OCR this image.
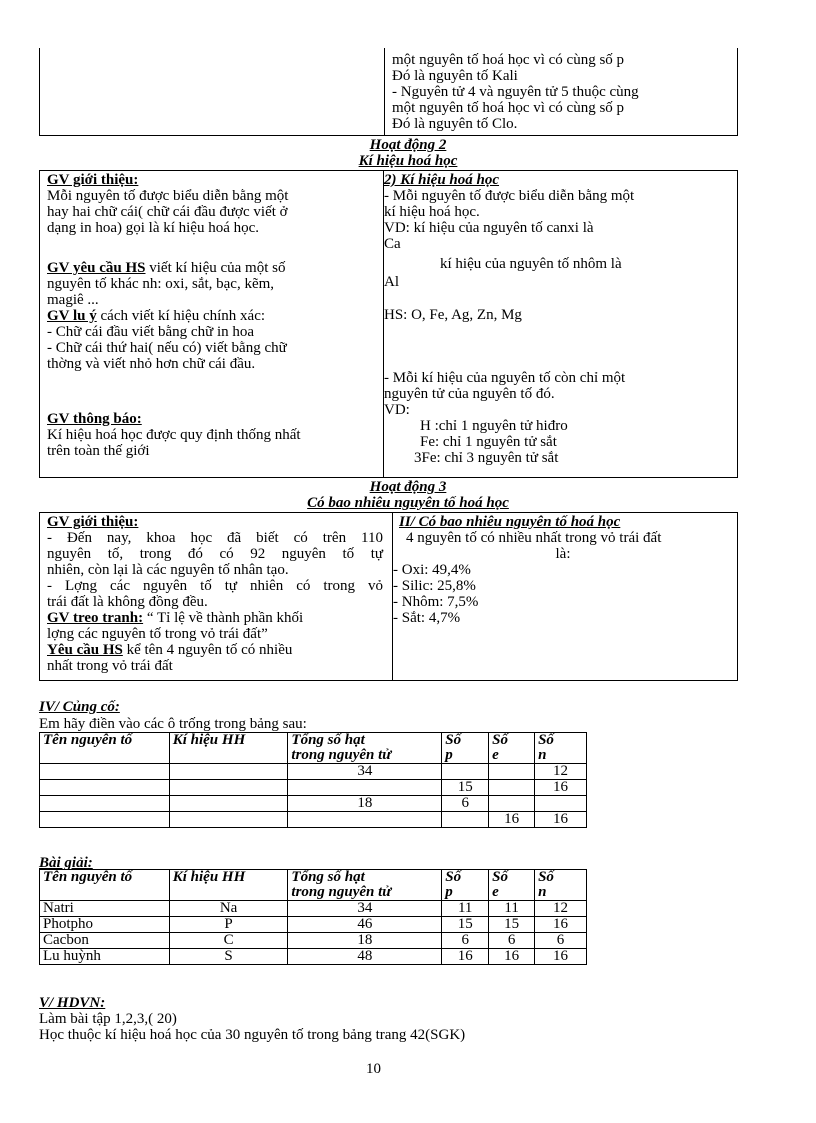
một nguyên tố hoá học vì có cùng số p
Đó là nguyên tố Kali
- Nguyên tử 4 và nguyên tử 5 thuộc cùng
một nguyên tố hoá học vì có cùng số p
Đó là nguyên tố Clo.
Hoạt động 2
Kí hiệu hoá học
GV giới thiệu:
Mỗi nguyên tố được biểu diễn bằng một
hay hai chữ cái( chữ cái đầu được viết ở
dạng in hoa) gọi là kí hiệu hoá học.
GV yêu cầu HS viết kí hiệu của một số
nguyên tố khác nh: oxi, sắt, bạc, kẽm,
magiê ...
GV lu ý cách viết kí hiệu chính xác:
- Chữ cái đầu viết bằng chữ in hoa
- Chữ cái thứ hai( nếu có) viết bằng chữ
thờng và viết nhỏ hơn chữ cái đầu.
GV thông báo:
Kí hiệu hoá học được quy định thống nhất
trên toàn thế giới
2) Kí hiệu hoá học
- Mỗi nguyên tố được biểu diễn bằng một
kí hiệu hoá học.
VD: kí hiệu của nguyên tố canxi là
Ca
kí hiệu của nguyên tố nhôm là
Al
HS: O, Fe, Ag, Zn, Mg
- Mỗi kí hiệu của nguyên tố còn chỉ một
nguyên tử của nguyên tố đó.
VD:
H :chỉ 1 nguyên tử hiđro
Fe: chỉ 1 nguyên tử sắt
3Fe: chỉ 3 nguyên tử sắt
Hoạt động 3
Có bao nhiêu nguyên tố hoá học
GV giới thiệu:
- Đến nay, khoa học đã biết có trên 110
nguyên tố, trong đó có 92 nguyên tố tự
nhiên, còn lại là các nguyên tố nhân tạo.
- Lợng các nguyên tố tự nhiên có trong vỏ
trái đất là không đồng đều.
GV treo tranh: “ Tỉ lệ về thành phần khối
lợng các nguyên tố trong vỏ trái đất”
Yêu cầu HS kể tên 4 nguyên tố có nhiều
nhất trong vỏ trái đất
II/ Có bao nhiêu nguyên tố hoá học
4 nguyên tố có nhiều nhất trong vỏ trái đất
là:
- Oxi: 49,4%
- Silic: 25,8%
- Nhôm: 7,5%
- Sắt: 4,7%
IV/ Củng cố:
Em hãy điền vào các ô trống trong bảng sau:
Tên nguyên tố	Kí hiệu HH	Tổng số hạt
trong nguyên tử	Số
p	Số
e	Số
n

		34			12
			15		16
		18	6		
				16	16
Bài giải:
Tên nguyên tố	Kí hiệu HH	Tổng số hạt
trong nguyên tử	Số
p	Số
e	Số
n

Natri	Na	34	11	11	12
Photpho	P	46	15	15	16
Cacbon	C	18	6	6	6
Lu huỳnh	S	48	16	16	16
V/ HDVN:
Làm bài tập 1,2,3,( 20)
Học thuộc kí hiệu hoá học của 30 nguyên tố trong bảng trang 42(SGK)
10
